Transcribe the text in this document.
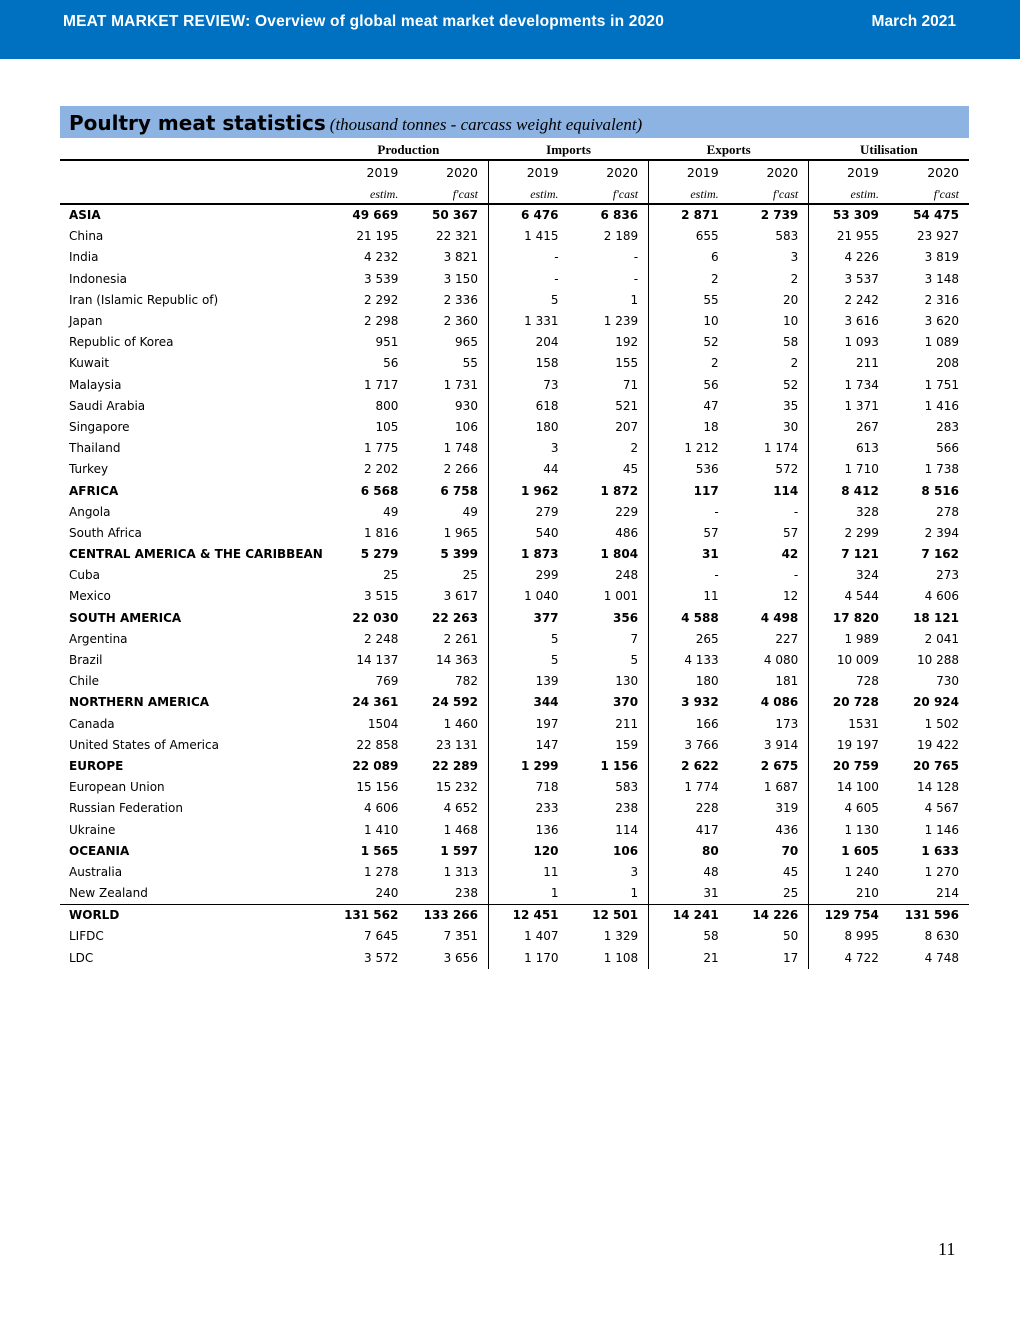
MEAT MARKET REVIEW: Overview of global meat market developments in 2020	March 2021
Poultry meat statistics (thousand tonnes - carcass weight equivalent)
	Production		Imports		Exports		Utilisation	
	2019	2020	2019	2020	2019	2020	2019	2020
	estim.	f'cast	estim.	f'cast	estim.	f'cast	estim.	f'cast
ASIA	49 669	50 367	6 476	6 836	2 871	2 739	53 309	54 475
China	21 195	22 321	1 415	2 189	655	583	21 955	23 927
India	4 232	3 821	-	-	6	3	4 226	3 819
Indonesia	3 539	3 150	-	-	2	2	3 537	3 148
Iran (Islamic Republic of)	2 292	2 336	5	1	55	20	2 242	2 316
Japan	2 298	2 360	1 331	1 239	10	10	3 616	3 620
Republic of Korea	951	965	204	192	52	58	1 093	1 089
Kuwait	56	55	158	155	2	2	211	208
Malaysia	1 717	1 731	73	71	56	52	1 734	1 751
Saudi Arabia	800	930	618	521	47	35	1 371	1 416
Singapore	105	106	180	207	18	30	267	283
Thailand	1 775	1 748	3	2	1 212	1 174	613	566
Turkey	2 202	2 266	44	45	536	572	1 710	1 738
AFRICA	6 568	6 758	1 962	1 872	117	114	8 412	8 516
Angola	49	49	279	229	-	-	328	278
South Africa	1 816	1 965	540	486	57	57	2 299	2 394
CENTRAL AMERICA & THE CARIBBEAN	5 279	5 399	1 873	1 804	31	42	7 121	7 162
Cuba	25	25	299	248	-	-	324	273
Mexico	3 515	3 617	1 040	1 001	11	12	4 544	4 606
SOUTH AMERICA	22 030	22 263	377	356	4 588	4 498	17 820	18 121
Argentina	2 248	2 261	5	7	265	227	1 989	2 041
Brazil	14 137	14 363	5	5	4 133	4 080	10 009	10 288
Chile	769	782	139	130	180	181	728	730
NORTHERN AMERICA	24 361	24 592	344	370	3 932	4 086	20 728	20 924
Canada	1504	1 460	197	211	166	173	1531	1 502
United States of America	22 858	23 131	147	159	3 766	3 914	19 197	19 422
EUROPE	22 089	22 289	1 299	1 156	2 622	2 675	20 759	20 765
European Union	15 156	15 232	718	583	1 774	1 687	14 100	14 128
Russian Federation	4 606	4 652	233	238	228	319	4 605	4 567
Ukraine	1 410	1 468	136	114	417	436	1 130	1 146
OCEANIA	1 565	1 597	120	106	80	70	1 605	1 633
Australia	1 278	1 313	11	3	48	45	1 240	1 270
New Zealand	240	238	1	1	31	25	210	214
WORLD	131 562	133 266	12 451	12 501	14 241	14 226	129 754	131 596
LIFDC	7 645	7 351	1 407	1 329	58	50	8 995	8 630
LDC	3 572	3 656	1 170	1 108	21	17	4 722	4 748
11
